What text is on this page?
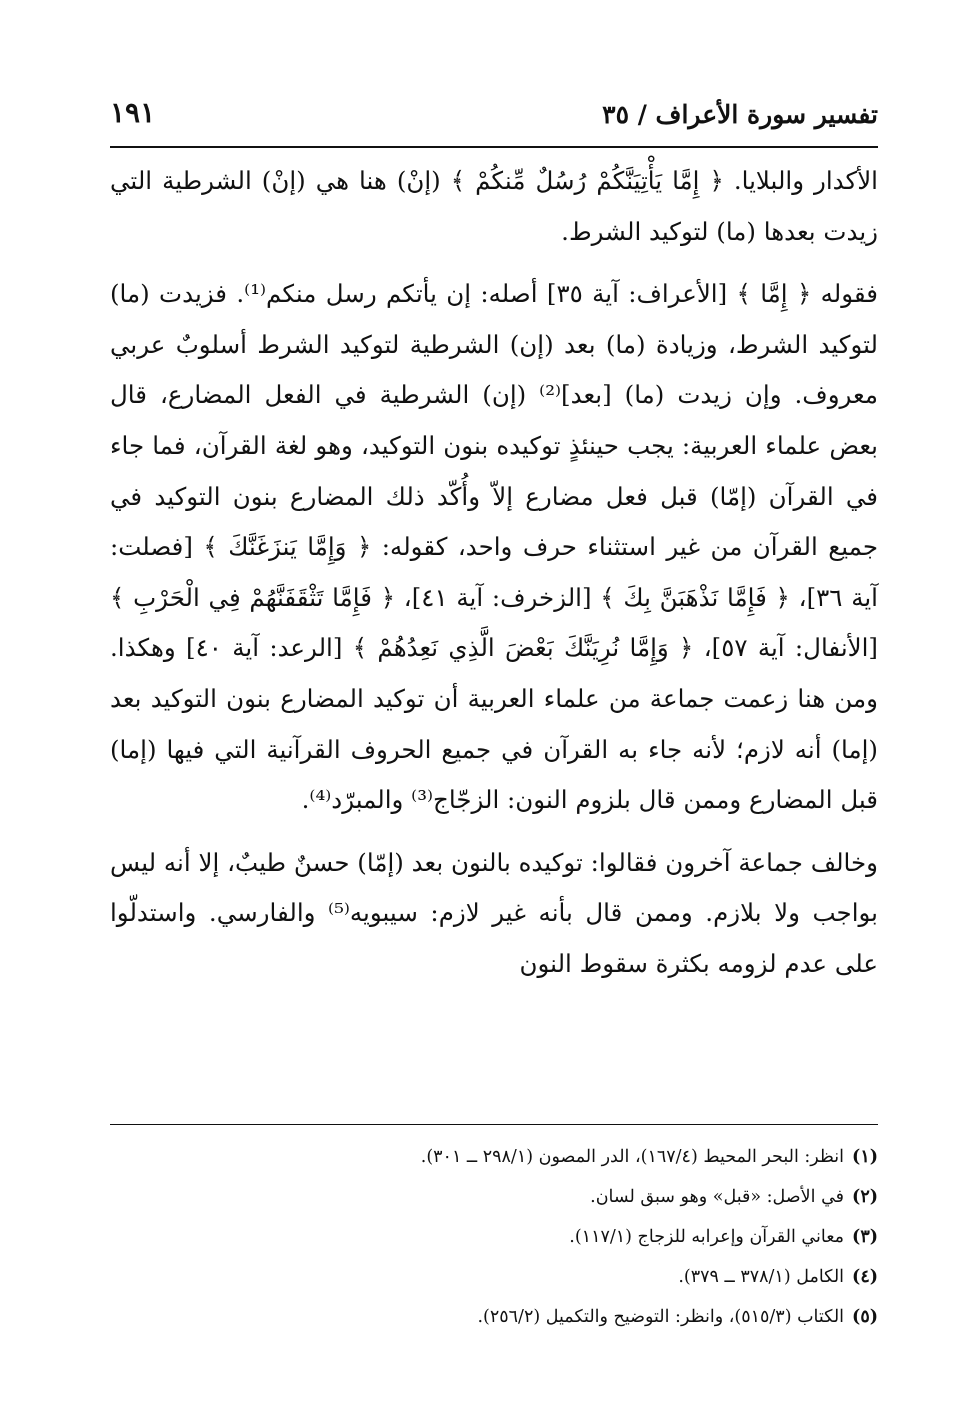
تفسير سورة الأعراف / ٣٥
١٩١

الأكدار والبلايا. ﴿ إِمَّا يَأْتِيَنَّكُمْ رُسُلٌ مِّنكُمْ ﴾ (إنْ) هنا هي (إنْ) الشرطية التي زيدت بعدها (ما) لتوكيد الشرط.

فقوله ﴿ إِمَّا ﴾ [الأعراف: آية ٣٥] أصله: إن يأتكم رسل منكم⁽¹⁾. فزيدت (ما) لتوكيد الشرط، وزيادة (ما) بعد (إن) الشرطية لتوكيد الشرط أسلوبٌ عربي معروف. وإن زيدت (ما) [بعد]⁽²⁾ (إن) الشرطية في الفعل المضارع، قال بعض علماء العربية: يجب حينئذٍ توكيده بنون التوكيد، وهو لغة القرآن، فما جاء في القرآن (إمّا) قبل فعل مضارع إلاّ وأُكّد ذلك المضارع بنون التوكيد في جميع القرآن من غير استثناء حرف واحد، كقوله: ﴿ وَإِمَّا يَنزَغَنَّكَ ﴾ [فصلت: آية ٣٦]، ﴿ فَإِمَّا نَذْهَبَنَّ بِكَ ﴾ [الزخرف: آية ٤١]، ﴿ فَإِمَّا تَثْقَفَنَّهُمْ فِي الْحَرْبِ ﴾ [الأنفال: آية ٥٧]، ﴿ وَإِمَّا نُرِيَنَّكَ بَعْضَ الَّذِي نَعِدُهُمْ ﴾ [الرعد: آية ٤٠] وهكذا. ومن هنا زعمت جماعة من علماء العربية أن توكيد المضارع بنون التوكيد بعد (إما) أنه لازم؛ لأنه جاء به القرآن في جميع الحروف القرآنية التي فيها (إما) قبل المضارع وممن قال بلزوم النون: الزجّاج⁽³⁾ والمبرّد⁽⁴⁾.

وخالف جماعة آخرون فقالوا: توكيده بالنون بعد (إمّا) حسنٌ طيبٌ، إلا أنه ليس بواجب ولا بلازم. وممن قال بأنه غير لازم: سيبويه⁽⁵⁾ والفارسي. واستدلّوا على عدم لزومه بكثرة سقوط النون

(١)انظر: البحر المحيط (١٦٧/٤)، الدر المصون (٢٩٨/١ ــ ٣٠١).
(٢)في الأصل: «قبل» وهو سبق لسان.
(٣)معاني القرآن وإعرابه للزجاج (١١٧/١).
(٤)الكامل (٣٧٨/١ ــ ٣٧٩).
(٥)الكتاب (٥١٥/٣)، وانظر: التوضيح والتكميل (٢٥٦/٢).
